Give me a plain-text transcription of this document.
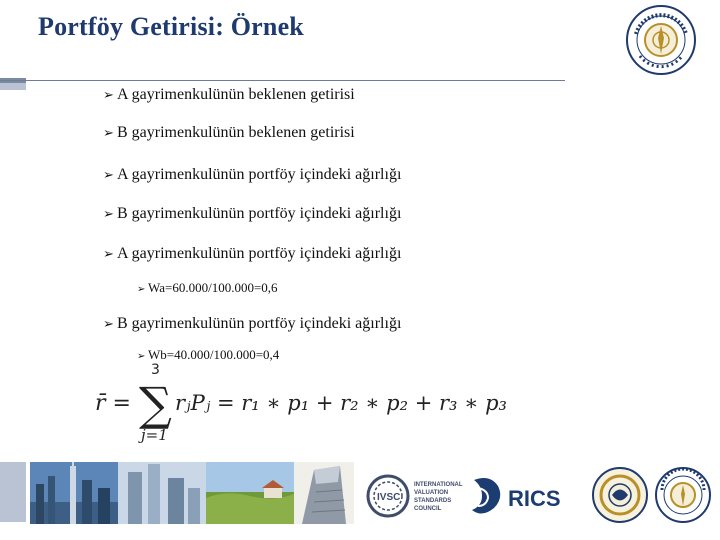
Portföy Getirisi: Örnek
➢ A gayrimenkulünün beklenen getirisi
➢ B gayrimenkulünün beklenen getirisi
➢ A gayrimenkulünün portföy içindeki ağırlığı
➢ B gayrimenkulünün portföy içindeki ağırlığı
➢ A gayrimenkulünün portföy içindeki ağırlığı
➢ Wa=60.000/100.000=0,6
➢ B gayrimenkulünün portföy içindeki ağırlığı
➢ Wb=40.000/100.000=0,4
r̄ =
3
∑
j=1
rⱼPⱼ = r₁ ∗ p₁ + r₂ ∗ p₂ + r₃ ∗ p₃
IVSC
INTERNATIONAL
VALUATION
STANDARDS
COUNCIL	RICS
